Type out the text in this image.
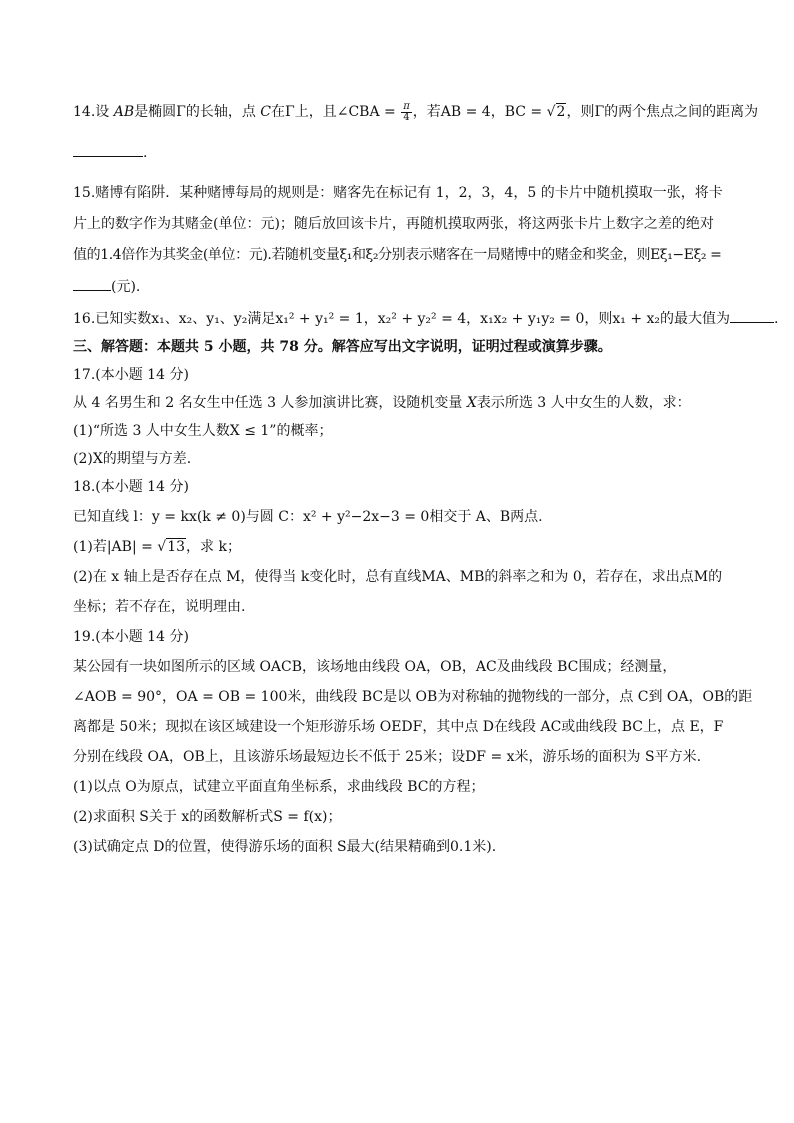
14.设 AB是椭圆Γ的长轴，点 C在Γ上，且∠CBA = $\frac{\pi}{4}$ ，若AB = 4，BC = √2，则Γ的两个焦点之间的距离为
.
15.赌博有陷阱．某种赌博每局的规则是：赌客先在标记有 1，2，3，4，5 的卡片中随机摸取一张，将卡
片上的数字作为其赌金(单位：元)；随后放回该卡片，再随机摸取两张，将这两张卡片上数字之差的绝对
值的1.4倍作为其奖金(单位：元).若随机变量ξ₁和ξ₂分别表示赌客在一局赌博中的赌金和奖金，则Eξ₁−Eξ₂ =
(元).
16.已知实数x₁、x₂、y₁、y₂满足x₁² + y₁² = 1，x₂² + y₂² = 4，x₁x₂ + y₁y₂ = 0，则x₁ + x₂的最大值为	.
三、解答题：本题共 5 小题，共 78 分。解答应写出文字说明，证明过程或演算步骤。
17.(本小题 14 分)
从 4 名男生和 2 名女生中任选 3 人参加演讲比赛，设随机变量 X表示所选 3 人中女生的人数，求：
(1)“所选 3 人中女生人数X ≤ 1”的概率；
(2)X的期望与方差.
18.(本小题 14 分)
已知直线 l：y = kx(k ≠ 0)与圆 C：x² + y²−2x−3 = 0相交于 A、B两点.
(1)若|AB| = √13，求 k；
(2)在 x 轴上是否存在点 M，使得当 k变化时，总有直线MA、MB的斜率之和为 0，若存在，求出点M的
坐标；若不存在，说明理由.
19.(本小题 14 分)
某公园有一块如图所示的区域 OACB，该场地由线段 OA，OB，AC及曲线段 BC围成；经测量，
∠AOB = 90°，OA = OB = 100米，曲线段 BC是以 OB为对称轴的抛物线的一部分，点 C到 OA，OB的距
离都是 50米；现拟在该区域建设一个矩形游乐场 OEDF，其中点 D在线段 AC或曲线段 BC上，点 E，F
分别在线段 OA，OB上，且该游乐场最短边长不低于 25米；设DF = x米，游乐场的面积为 S平方米.
(1)以点 O为原点，试建立平面直角坐标系，求曲线段 BC的方程；
(2)求面积 S关于 x的函数解析式S = f(x)；
(3)试确定点 D的位置，使得游乐场的面积 S最大(结果精确到0.1米).
